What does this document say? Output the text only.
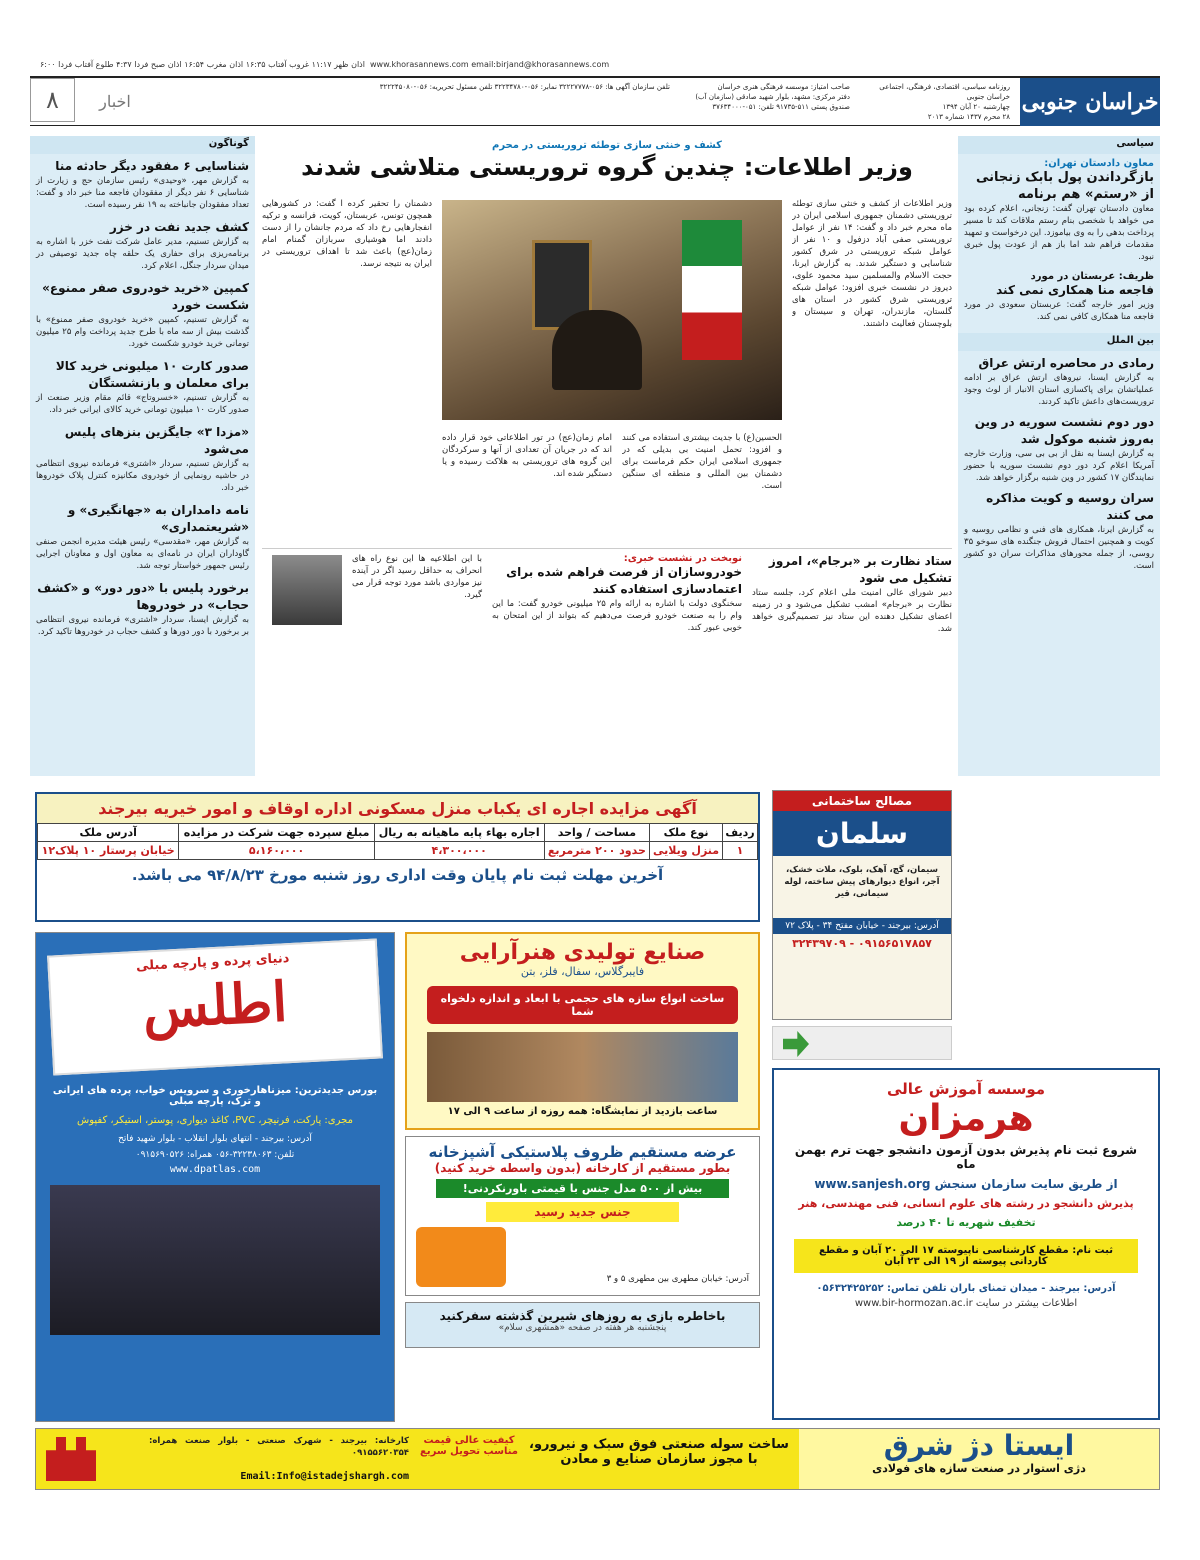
اذان ظهر ۱۱:۱۷ غروب آفتاب ۱۶:۳۵ اذان مغرب ۱۶:۵۴ اذان صبح فردا ۴:۳۷ طلوع آفتاب فردا ۶:۰۰ www.khorasannews.com email:birjand@khorasannews.com
خراسان جنوبی
روزنامه سیاسی، اقتصادی، فرهنگی، اجتماعی خراسان جنوبی
چهارشنبه ۲۰ آبان ۱۳۹۴
۲۸ محرم ۱۴۳۷ شماره ۲۰۱۳
صاحب امتیاز: موسسه فرهنگی هنری خراسان
دفتر مرکزی: مشهد، بلوار شهید صادقی (سازمان آب)
صندوق پستی ۵۱۱-۹۱۷۳۵ تلفن: ۰۵۱-۳۷۶۳۴۰۰۰
تلفن سازمان آگهی ها: ۰۵۶-۳۲۲۲۷۷۷۸ نمابر: ۰۵۶-۳۲۲۳۴۷۸۰ تلفن مسئول تحریریه: ۰۵۶-۳۲۲۲۴۵۰۸۰
اخبار
۸
گوناگون
شناسایی ۶ مفقود دیگر حادثه منا
به گزارش مهر، «وحیدی» رئیس سازمان حج و زیارت از شناسایی ۶ نفر دیگر از مفقودان فاجعه منا خبر داد و گفت: تعداد مفقودان جانباخته به ۱۹ نفر رسیده است.
کشف جدید نفت در خزر
به گزارش تسنیم، مدیر عامل شرکت نفت خزر با اشاره به برنامه‌ریزی برای حفاری یک حلقه چاه جدید توصیفی در میدان سردار جنگل، اعلام کرد.
کمپین «خرید خودروی صفر ممنوع» شکست خورد
به گزارش تسنیم، کمپین «خرید خودروی صفر ممنوع» با گذشت بیش از سه ماه با طرح جدید پرداخت وام ۲۵ میلیون تومانی خرید خودرو شکست خورد.
صدور کارت ۱۰ میلیونی خرید کالا برای معلمان و بازنشستگان
به گزارش تسنیم، «خسروتاج» قائم مقام وزیر صنعت از صدور کارت ۱۰ میلیون تومانی خرید کالای ایرانی خبر داد.
«مزدا ۳» جایگزین بنزهای پلیس می‌شود
به گزارش تسنیم، سردار «اشتری» فرمانده نیروی انتظامی در حاشیه رونمایی از خودروی مکانیزه کنترل پلاک خودروها خبر داد.
نامه دامداران به «جهانگیری» و «شریعتمداری»
به گزارش مهر، «مقدسی» رئیس هیئت مدیره انجمن صنفی گاوداران ایران در نامه‌ای به معاون اول و معاونان اجرایی رئیس جمهور خواستار توجه شد.
برخورد پلیس با «دور دور» و «کشف حجاب» در خودروها
به گزارش ایسنا، سردار «اشتری» فرمانده نیروی انتظامی بر برخورد با دور دورها و کشف حجاب در خودروها تاکید کرد.
سیاسی
معاون دادستان تهران:
بازگرداندن پول بابک زنجانی از «رستم» هم برنامه
معاون دادستان تهران گفت: زنجانی، اعلام کرده بود می خواهد با شخصی بنام رستم ملاقات کند تا مسیر پرداخت بدهی را به وی بیاموزد. این درخواست و تمهید مقدمات فراهم شد اما باز هم از عودت پول خبری نبود.
ظریف: عربستان در مورد
فاجعه منا همکاری نمی کند
وزیر امور خارجه گفت: عربستان سعودی در مورد فاجعه منا همکاری کافی نمی کند.
بین الملل
رمادی در محاصره ارتش عراق
به گزارش ایسنا، نیروهای ارتش عراق بر ادامه عملیاتشان برای پاکسازی استان الانبار از لوث وجود تروریست‌های داعش تاکید کردند.
دور دوم نشست سوریه در وین به‌روز شنبه موکول شد
به گزارش ایسنا به نقل از بی بی سی، وزارت خارجه آمریکا اعلام کرد دور دوم نشست سوریه با حضور نمایندگان ۱۷ کشور در وین شنبه برگزار خواهد شد.
سران روسیه و کویت مذاکره می کنند
به گزارش ایرنا، همکاری های فنی و نظامی روسیه و کویت و همچنین احتمال فروش جنگنده های سوخو ۳۵ روسی، از جمله محورهای مذاکرات سران دو کشور است.
کشف و خنثی سازی توطئه تروریستی در محرم
وزیر اطلاعات: چندین گروه تروریستی متلاشی شدند
وزیر اطلاعات از کشف و خنثی سازی توطئه تروریستی دشمنان جمهوری اسلامی ایران در ماه محرم خبر داد و گفت: ۱۴ نفر از عوامل تروریستی صفی آباد دزفول و ۱۰ نفر از عوامل شبکه تروریستی در شرق کشور شناسایی و دستگیر شدند. به گزارش ایرنا، حجت الاسلام والمسلمین سید محمود علوی، دیروز در نشست خبری افزود: عوامل شبکه تروریستی شرق کشور در استان های گلستان، مازندران، تهران و سیستان و بلوچستان فعالیت داشتند.
دشمنان را تحقیر کرده ا گفت: در کشورهایی همچون تونس، عربستان، کویت، فرانسه و ترکیه انفجارهایی رخ داد که مردم جانشان را از دست دادند اما هوشیاری سربازان گمنام امام زمان(عج) باعث شد تا اهداف تروریستی در ایران به نتیجه نرسد.
الحسین(ع) با جدیت بیشتری استفاده می کنند و افزود: تحمل امنیت بی بدیلی که در جمهوری اسلامی ایران حکم فرماست برای دشمنان بین المللی و منطقه ای سنگین است.
امام زمان(عج) در تور اطلاعاتی خود قرار داده اند که در جریان آن تعدادی از آنها و سرکردگان این گروه های تروریستی به هلاکت رسیده و یا دستگیر شده اند.
ستاد نظارت بر «برجام»، امروز تشکیل می شود
دبیر شورای عالی امنیت ملی اعلام کرد، جلسه ستاد نظارت بر «برجام» امشب تشکیل می‌شود و در زمینه اعضای تشکیل دهنده این ستاد نیز تصمیم‌گیری خواهد شد.
نوبخت در نشست خبری:
خودروسازان از فرصت فراهم شده برای اعتمادسازی استفاده کنند
سخنگوی دولت با اشاره به ارائه وام ۲۵ میلیونی خودرو گفت: ما این وام را به صنعت خودرو فرصت می‌دهیم که بتواند از این امتحان به خوبی عبور کند.
با این اطلاعیه ها این نوع راه های انحراف به حداقل رسید اگر در آینده نیز مواردی باشد مورد توجه قرار می گیرد.
آگهی مزایده اجاره ای یکباب منزل مسکونی اداره اوقاف و امور خیریه بیرجند
ردیف	نوع ملک	مساحت / واحد	اجاره بهاء پایه ماهیانه به ریال	مبلغ سپرده جهت شرکت در مزایده	آدرس ملک
۱	منزل ویلایی	حدود ۲۰۰ مترمربع	۴،۳۰۰،۰۰۰	۵،۱۶۰،۰۰۰	خیابان پرستار ۱۰ پلاک۱۲
آخرین مهلت ثبت نام پایان وقت اداری روز شنبه مورخ ۹۴/۸/۲۳ می باشد.
مصالح ساختمانی
سلمان
سیمان، گچ، آهک، بلوک، ملات خشک، آجر، انواع دیوارهای پیش ساخته، لوله سیمانی، قیر
آدرس: بیرجند - خیابان مفتح ۳۴ - پلاک ۷۲
۰۹۱۵۶۵۱۷۸۵۷ - ۳۲۴۳۹۷۰۹
دنیای پرده و پارچه مبلی
اطلس
بورس جدیدترین: میزناهارخوری و سرویس خواب، پرده های ایرانی و ترک، پارچه مبلی
مجری: پارکت، فرنیچر، PVC، کاغذ دیواری، پوستر، استیکر، کفپوش
آدرس: بیرجند - انتهای بلوار انقلاب - بلوار شهید فاتح
تلفن: ۳۲۲۳۸۰۶۳-۰۵۶ همراه: ۰۹۱۵۶۹۰۵۲۶
www.dpatlas.com
صنایع تولیدی هنرآرایی
فایبرگلاس، سفال، فلز، بتن
ساخت انواع سازه های حجمی با ابعاد و اندازه دلخواه شما
ساعت بازدید از نمایشگاه: همه روزه از ساعت ۹ الی ۱۷
عرضه مستقیم ظروف پلاستیکی آشپزخانه
بطور مستقیم از کارخانه (بدون واسطه خرید کنید)
بیش از ۵۰۰ مدل جنس با قیمتی باورنکردنی!
جنس جدید رسید
آدرس: خیابان مطهری بین مطهری ۵ و ۳
باخاطره بازی به روزهای شیرین گذشته سفرکنید
پنجشنبه هر هفته در صفحه «همشهری سلام»
موسسه آموزش عالی
هرمزان
شروع ثبت نام پذیرش بدون آزمون دانشجو جهت ترم بهمن ماه
از طریق سایت سازمان سنجش www.sanjesh.org
پذیرش دانشجو در رشته های علوم انسانی، فنی مهندسی، هنر
تخفیف شهریه تا ۴۰ درصد
ثبت نام: مقطع کارشناسی ناپیوسته ۱۷ الی ۲۰ آبان و مقطع کاردانی پیوسته از ۱۹ الی ۲۳ آبان
آدرس: بیرجند - میدان تمنای باران تلفن تماس: ۰۵۶۳۲۴۲۵۲۵۲
اطلاعات بیشتر در سایت www.bir-hormozan.ac.ir
ایستا دژ شرق
دژی استوار در صنعت سازه های فولادی
ساخت سوله صنعتی فوق سبک و نیرورو، با مجوز سازمان صنایع و معادن
کیفیت عالی قیمت مناسب تحویل سریع
کارخانه: بیرجند - شهرک صنعتی - بلوار صنعت همراه: ۰۹۱۵۵۶۲۰۳۵۴
Email:Info@istadejshargh.com
